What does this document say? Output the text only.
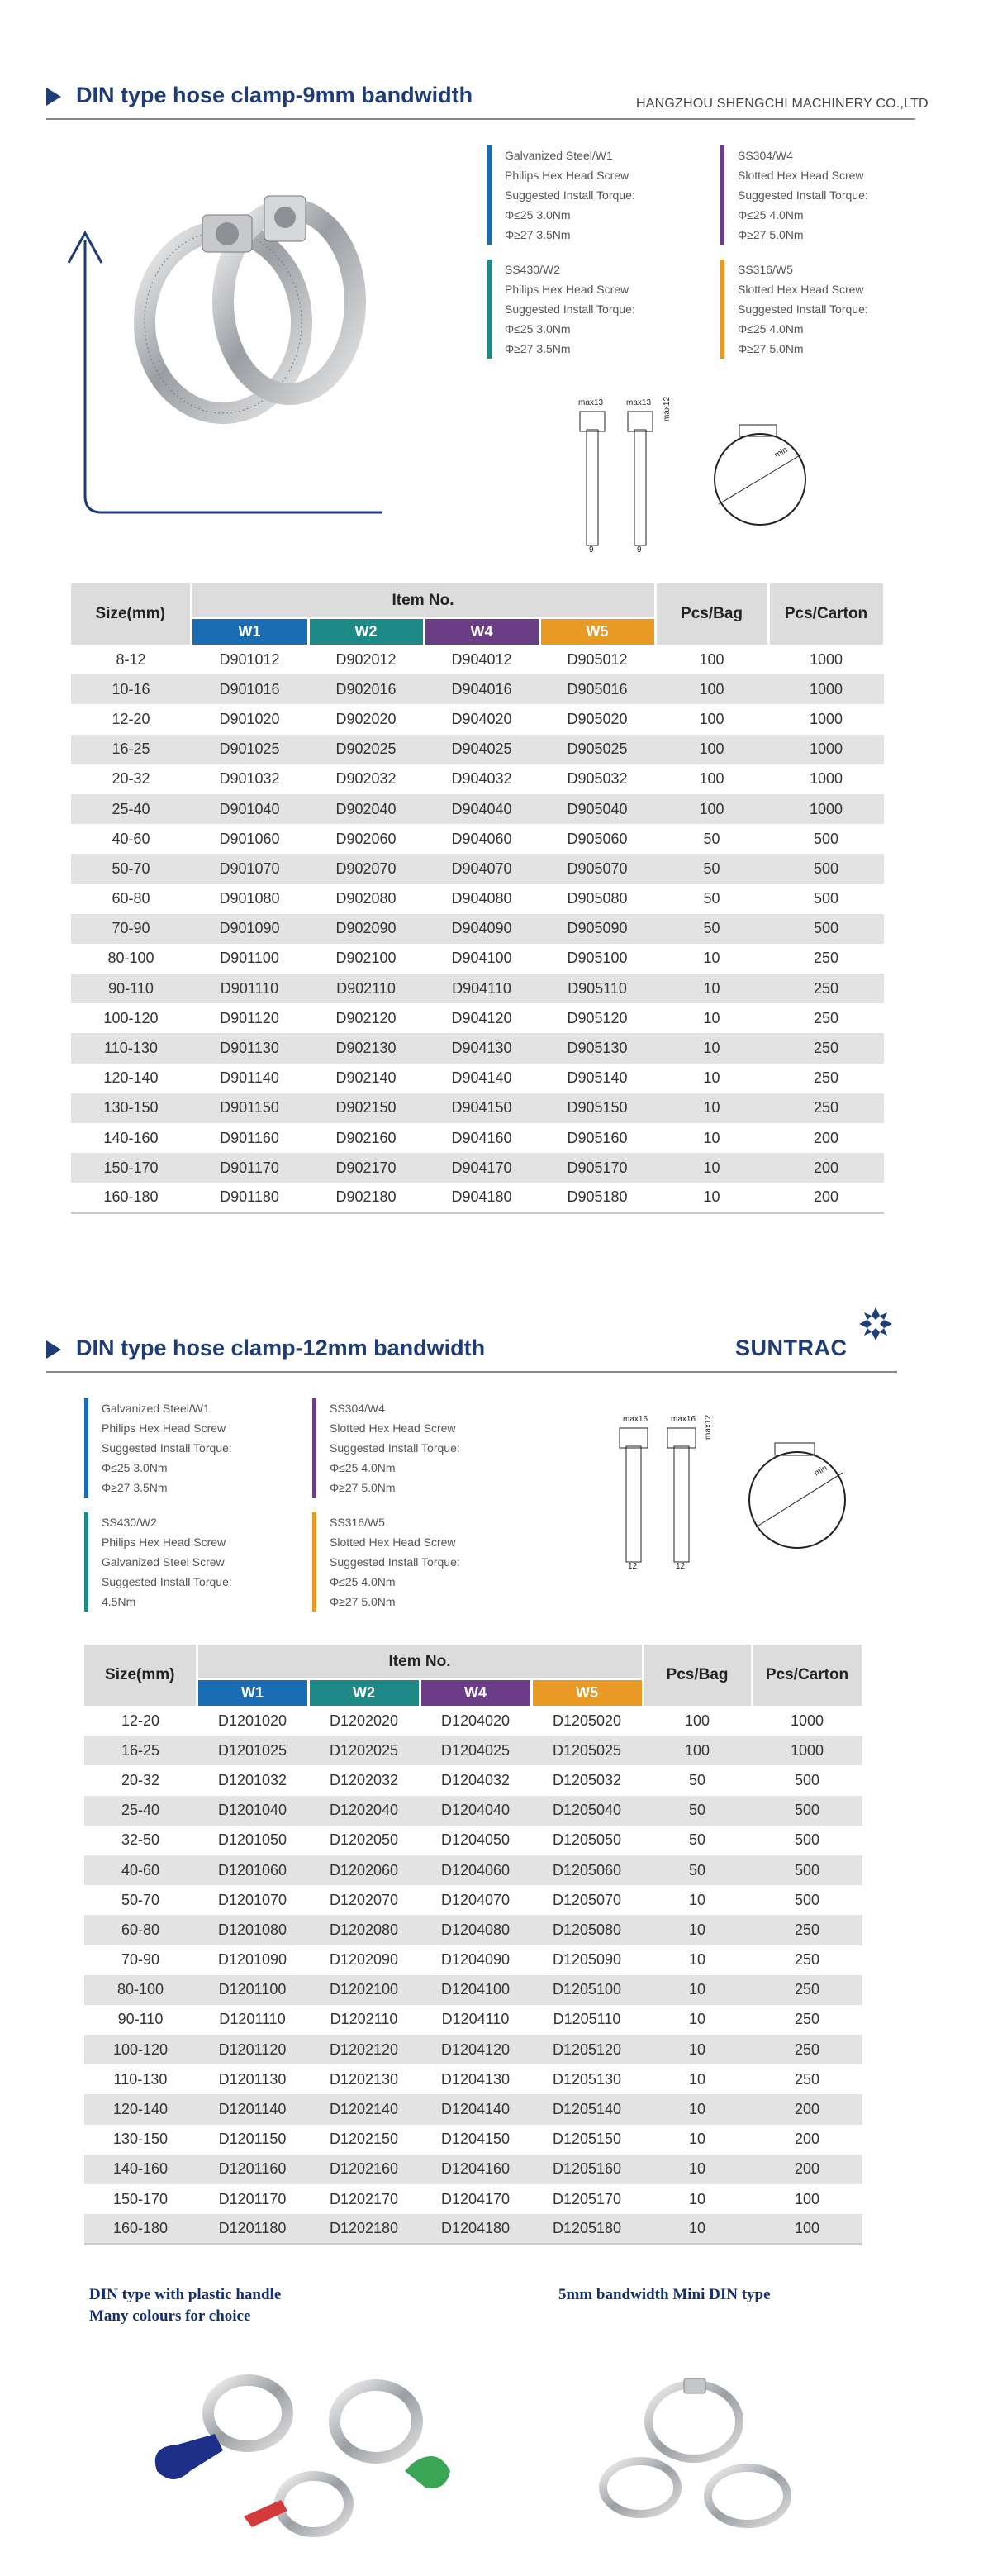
DIN type hose clamp-9mm bandwidth	HANGZHOU SHENGCHI MACHINERY CO.,LTD
Galvanized Steel/W1
Philips Hex Head Screw
Suggested Install Torque:
Φ≤25 3.0Nm
Φ≥27 3.5Nm
SS304/W4
Slotted Hex Head Screw
Suggested Install Torque:
Φ≤25 4.0Nm
Φ≥27 5.0Nm
SS430/W2
Philips Hex Head Screw
Suggested Install Torque:
Φ≤25 3.0Nm
Φ≥27 3.5Nm
SS316/W5
Slotted Hex Head Screw
Suggested Install Torque:
Φ≤25 4.0Nm
Φ≥27 5.0Nm
max13	max13 max12
min
9	9
Size(mm)	Item No.				Pcs/Bag	Pcs/Carton
	W1	W2	W4	W5		
8-12	D901012	D902012	D904012	D905012	100	1000
10-16	D901016	D902016	D904016	D905016	100	1000
12-20	D901020	D902020	D904020	D905020	100	1000
16-25	D901025	D902025	D904025	D905025	100	1000
20-32	D901032	D902032	D904032	D905032	100	1000
25-40	D901040	D902040	D904040	D905040	100	1000
40-60	D901060	D902060	D904060	D905060	50	500
50-70	D901070	D902070	D904070	D905070	50	500
60-80	D901080	D902080	D904080	D905080	50	500
70-90	D901090	D902090	D904090	D905090	50	500
80-100	D901100	D902100	D904100	D905100	10	250
90-110	D901110	D902110	D904110	D905110	10	250
100-120	D901120	D902120	D904120	D905120	10	250
110-130	D901130	D902130	D904130	D905130	10	250
120-140	D901140	D902140	D904140	D905140	10	250
130-150	D901150	D902150	D904150	D905150	10	250
140-160	D901160	D902160	D904160	D905160	10	200
150-170	D901170	D902170	D904170	D905170	10	200
160-180	D901180	D902180	D904180	D905180	10	200
DIN type hose clamp-12mm bandwidth	SUNTRAC
Galvanized Steel/W1
Philips Hex Head Screw
Suggested Install Torque:
Φ≤25 3.0Nm
Φ≥27 3.5Nm
SS304/W4
Slotted Hex Head Screw
Suggested Install Torque:
Φ≤25 4.0Nm
Φ≥27 5.0Nm
SS430/W2
Philips Hex Head Screw
Galvanized Steel Screw
Suggested Install Torque:
4.5Nm
SS316/W5
Slotted Hex Head Screw
Suggested Install Torque:
Φ≤25 4.0Nm
Φ≥27 5.0Nm
max16	max16 max12
min
12	12
Size(mm)	Item No.				Pcs/Bag	Pcs/Carton
	W1	W2	W4	W5		
12-20	D1201020	D1202020	D1204020	D1205020	100	1000
16-25	D1201025	D1202025	D1204025	D1205025	100	1000
20-32	D1201032	D1202032	D1204032	D1205032	50	500
25-40	D1201040	D1202040	D1204040	D1205040	50	500
32-50	D1201050	D1202050	D1204050	D1205050	50	500
40-60	D1201060	D1202060	D1204060	D1205060	50	500
50-70	D1201070	D1202070	D1204070	D1205070	10	500
60-80	D1201080	D1202080	D1204080	D1205080	10	250
70-90	D1201090	D1202090	D1204090	D1205090	10	250
80-100	D1201100	D1202100	D1204100	D1205100	10	250
90-110	D1201110	D1202110	D1204110	D1205110	10	250
100-120	D1201120	D1202120	D1204120	D1205120	10	250
110-130	D1201130	D1202130	D1204130	D1205130	10	250
120-140	D1201140	D1202140	D1204140	D1205140	10	200
130-150	D1201150	D1202150	D1204150	D1205150	10	200
140-160	D1201160	D1202160	D1204160	D1205160	10	200
150-170	D1201170	D1202170	D1204170	D1205170	10	100
160-180	D1201180	D1202180	D1204180	D1205180	10	100
DIN type with plastic handle
Many colours for choice
5mm bandwidth Mini DIN type
